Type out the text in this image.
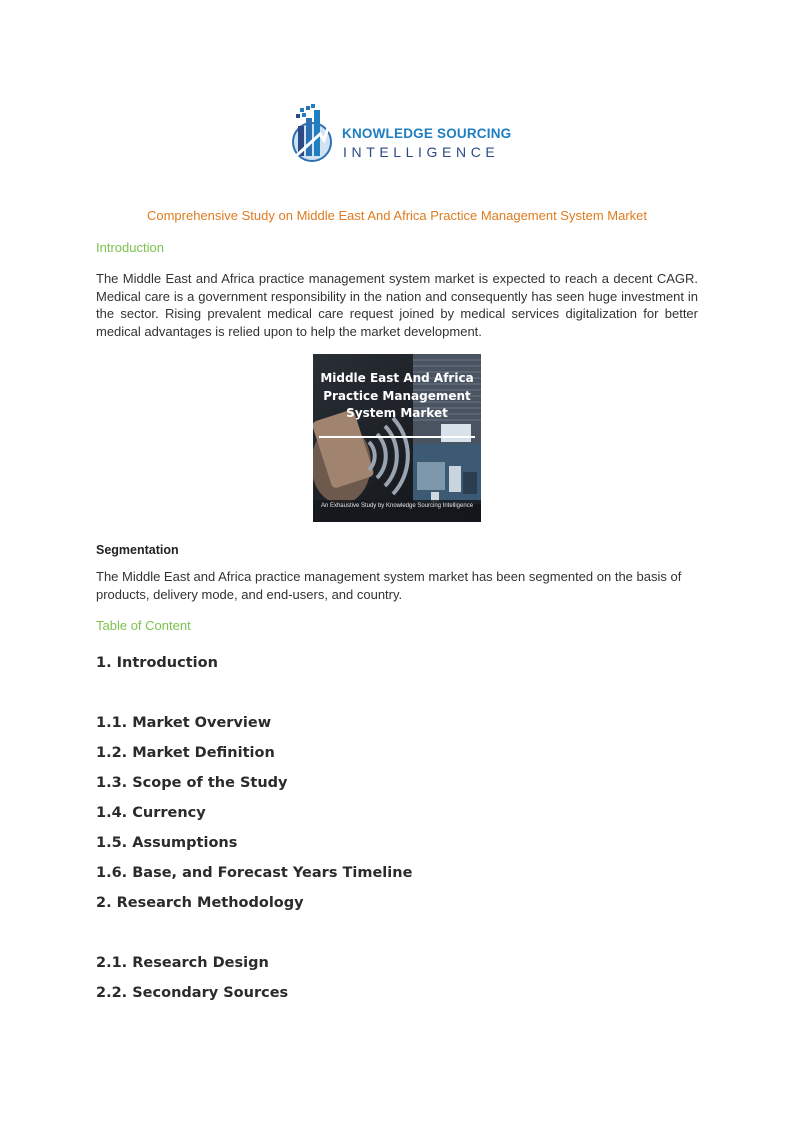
KNOWLEDGE SOURCING
INTELLIGENCE
Comprehensive Study on Middle East And Africa Practice Management System Market
Introduction
The Middle East and Africa practice management system market is expected to reach a decent CAGR. Medical care is a government responsibility in the nation and consequently has seen huge investment in the sector. Rising prevalent medical care request joined by medical services digitalization for better medical advantages is relied upon to help the market development.
Middle East And Africa Practice Management System Market
An Exhaustive Study by Knowledge Sourcing Intelligence
Segmentation
The Middle East and Africa practice management system market has been segmented on the basis of products, delivery mode, and end-users, and country.
Table of Content
1. Introduction
1.1. Market Overview
1.2. Market Definition
1.3. Scope of the Study
1.4. Currency
1.5. Assumptions
1.6. Base, and Forecast Years Timeline
2. Research Methodology
2.1. Research Design
2.2. Secondary Sources
